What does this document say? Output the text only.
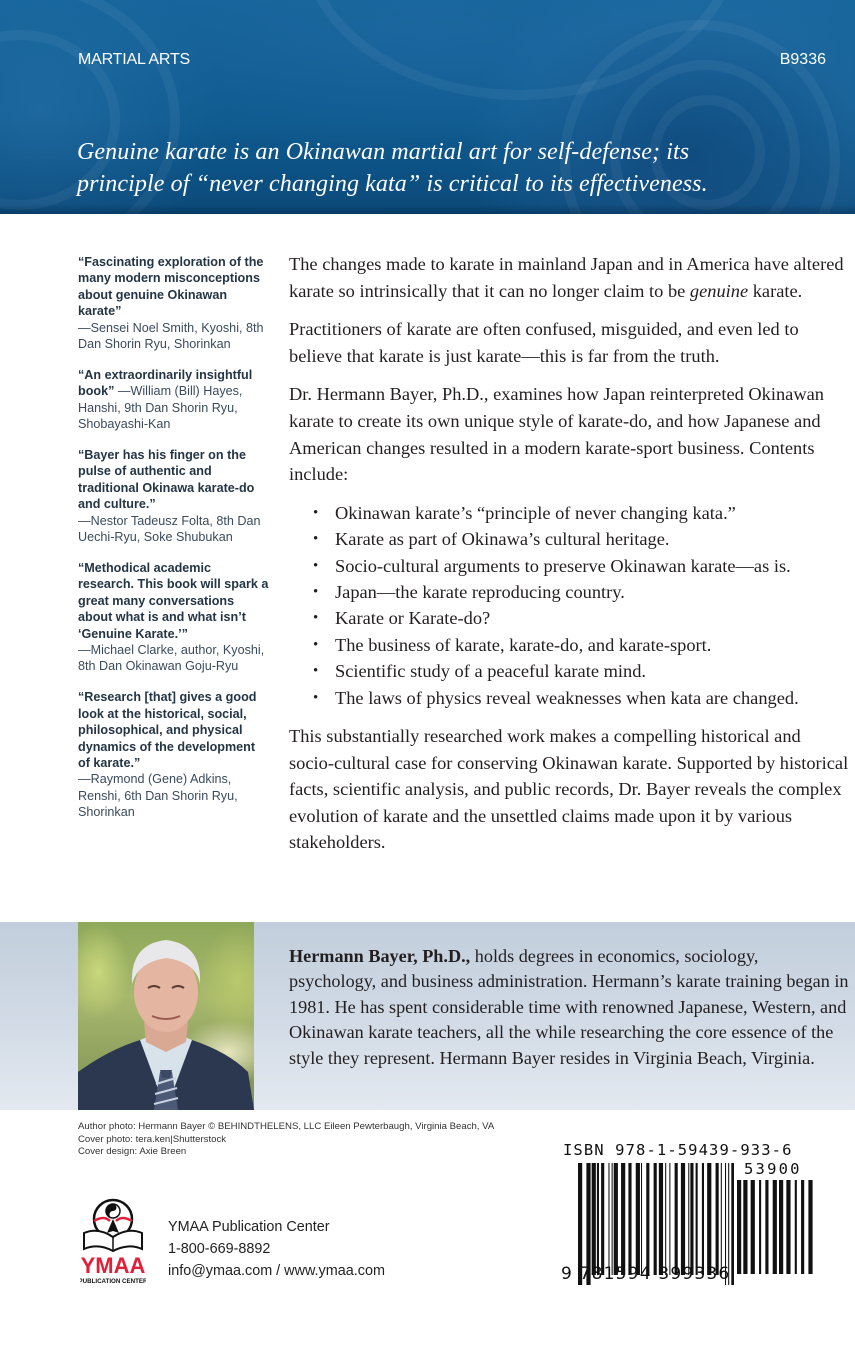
MARTIAL ARTS	B9336
Genuine karate is an Okinawan martial art for self-defense; its
principle of “never changing kata” is critical to its effectiveness.
“Fascinating exploration of the many modern misconceptions about genuine Okinawan karate”
—Sensei Noel Smith, Kyoshi, 8th Dan Shorin Ryu, Shorinkan
“An extraordinarily insightful book” —William (Bill) Hayes, Hanshi, 9th Dan Shorin Ryu, Shobayashi-Kan
“Bayer has his finger on the pulse of authentic and traditional Okinawa karate-do and culture.”
—Nestor Tadeusz Folta, 8th Dan Uechi-Ryu, Soke Shubukan
“Methodical academic research. This book will spark a great many conversations about what is and what isn’t ‘Genuine Karate.’”
—Michael Clarke, author, Kyoshi, 8th Dan Okinawan Goju-Ryu
“Research [that] gives a good look at the historical, social, philosophical, and physical dynamics of the development of karate.”
—Raymond (Gene) Adkins, Renshi, 6th Dan Shorin Ryu, Shorinkan

The changes made to karate in mainland Japan and in America have altered karate so intrinsically that it can no longer claim to be genuine karate.

Practitioners of karate are often confused, misguided, and even led to believe that karate is just karate—this is far from the truth.

Dr. Hermann Bayer, Ph.D., examines how Japan reinterpreted Okinawan karate to create its own unique style of karate-do, and how Japanese and American changes resulted in a modern karate-sport business. Contents include:

• Okinawan karate’s “principle of never changing kata.”
• Karate as part of Okinawa’s cultural heritage.
• Socio-cultural arguments to preserve Okinawan karate—as is.
• Japan—the karate reproducing country.
• Karate or Karate-do?
• The business of karate, karate-do, and karate-sport.
• Scientific study of a peaceful karate mind.
• The laws of physics reveal weaknesses when kata are changed.

This substantially researched work makes a compelling historical and socio-cultural case for conserving Okinawan karate. Supported by historical facts, scientific analysis, and public records, Dr. Bayer reveals the complex evolution of karate and the unsettled claims made upon it by various stakeholders.

Hermann Bayer, Ph.D., holds degrees in economics, sociology, psychology, and business administration. Hermann’s karate training began in 1981. He has spent considerable time with renowned Japanese, Western, and Okinawan karate teachers, all the while researching the core essence of the style they represent. Hermann Bayer resides in Virginia Beach, Virginia.
Author photo: Hermann Bayer © BEHINDTHELENS, LLC Eileen Pewterbaugh, Virginia Beach, VA
Cover photo: tera.ken|Shutterstock
Cover design: Axie Breen
YMAA
PUBLICATION CENTER
YMAA Publication Center
1-800-669-8892
info@ymaa.com / www.ymaa.com
ISBN 978-1-59439-933-6
53900
9 781594 399336
